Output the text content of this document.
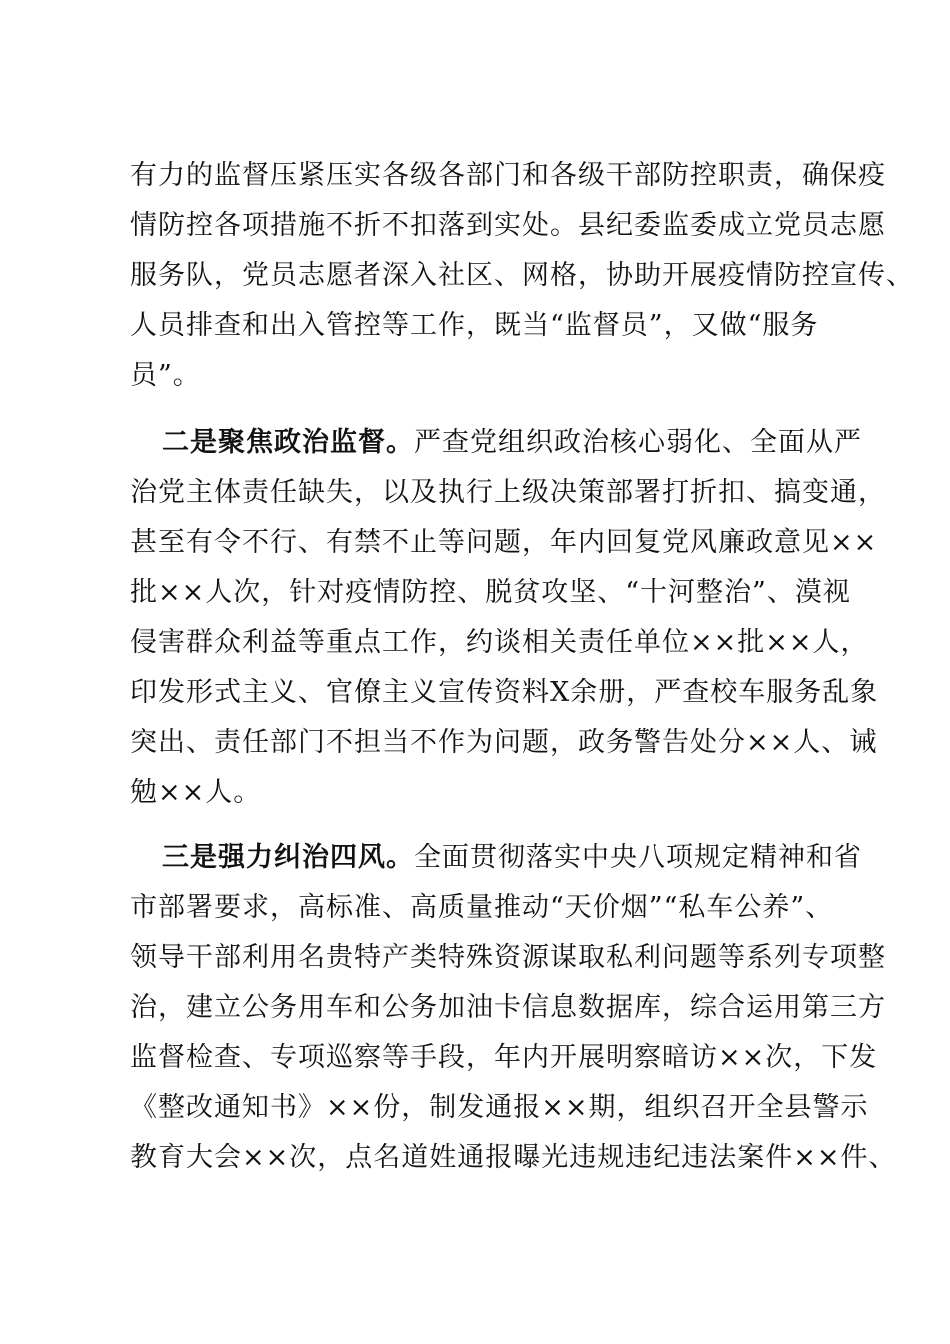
有力的监督压紧压实各级各部门和各级干部防控职责，确保疫
情防控各项措施不折不扣落到实处。县纪委监委成立党员志愿
服务队，党员志愿者深入社区、网格，协助开展疫情防控宣传、
人员排查和出入管控等工作，既当“监督员”，又做“服务
员”。
二是聚焦政治监督。严查党组织政治核心弱化、全面从严
治党主体责任缺失，以及执行上级决策部署打折扣、搞变通，
甚至有令不行、有禁不止等问题，年内回复党风廉政意见××
批××人次，针对疫情防控、脱贫攻坚、“十河整治”、漠视
侵害群众利益等重点工作，约谈相关责任单位××批××人，
印发形式主义、官僚主义宣传资料X余册，严查校车服务乱象
突出、责任部门不担当不作为问题，政务警告处分××人、诫
勉××人。
三是强力纠治四风。全面贯彻落实中央八项规定精神和省
市部署要求，高标准、高质量推动“天价烟”“私车公养”、
领导干部利用名贵特产类特殊资源谋取私利问题等系列专项整
治，建立公务用车和公务加油卡信息数据库，综合运用第三方
监督检查、专项巡察等手段，年内开展明察暗访××次，下发
《整改通知书》××份，制发通报××期，组织召开全县警示
教育大会××次，点名道姓通报曝光违规违纪违法案件××件、
